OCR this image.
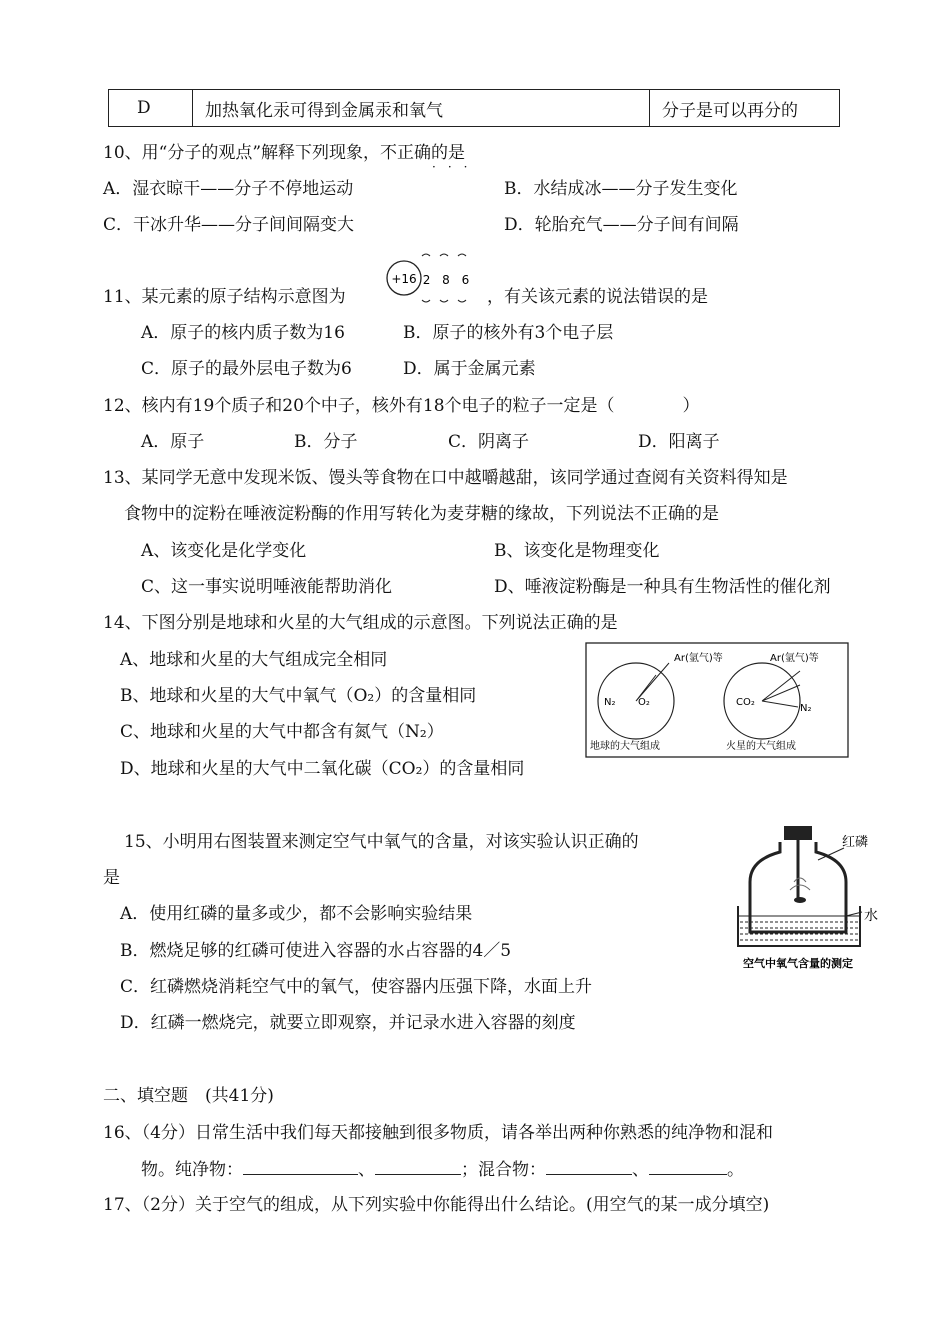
D	加热氧化汞可得到金属汞和氧气	分子是可以再分的
10、用“分子的观点”解释下列现象，不正确的是
···
A．湿衣晾干——分子不停地运动	B．水结成冰——分子发生变化
C．干冰升华——分子间间隔变大	D．轮胎充气——分子间有间隔
11、某元素的原子结构示意图为
+16 2 8 6
，有关该元素的说法错误的是
A．原子的核内质子数为16	B．原子的核外有3个电子层
C．原子的最外层电子数为6	D．属于金属元素
12、核内有19个质子和20个中子，核外有18个电子的粒子一定是（　　　　）
A．原子	B．分子	C．阴离子	D．阳离子
13、某同学无意中发现米饭、馒头等食物在口中越嚼越甜，该同学通过查阅有关资料得知是
食物中的淀粉在唾液淀粉酶的作用写转化为麦芽糖的缘故，下列说法不正确的是
A、该变化是化学变化	B、该变化是物理变化
C、这一事实说明唾液能帮助消化	D、唾液淀粉酶是一种具有生物活性的催化剂
14、下图分别是地球和火星的大气组成的示意图。下列说法正确的是
A、地球和火星的大气组成完全相同
B、地球和火星的大气中氧气（O₂）的含量相同
C、地球和火星的大气中都含有氮气（N₂）
D、地球和火星的大气中二氧化碳（CO₂）的含量相同
N₂ O₂
Ar(氩气)等
地球的大气组成
CO₂
N₂
Ar(氩气)等
火星的大气组成
15、小明用右图装置来测定空气中氧气的含量，对该实验认识正确的
是
A．使用红磷的量多或少，都不会影响实验结果
B．燃烧足够的红磷可使进入容器的水占容器的4／5
C．红磷燃烧消耗空气中的氧气，使容器内压强下降，水面上升
D．红磷一燃烧完，就要立即观察，并记录水进入容器的刻度
红磷
水
空气中氧气含量的测定
二、填空题　(共41分)
16、（4分）日常生活中我们每天都接触到很多物质，请各举出两种你熟悉的纯净物和混和
物。纯净物：	、	；混合物：	、	。
17、（2分）关于空气的组成，从下列实验中你能得出什么结论。(用空气的某一成分填空)
